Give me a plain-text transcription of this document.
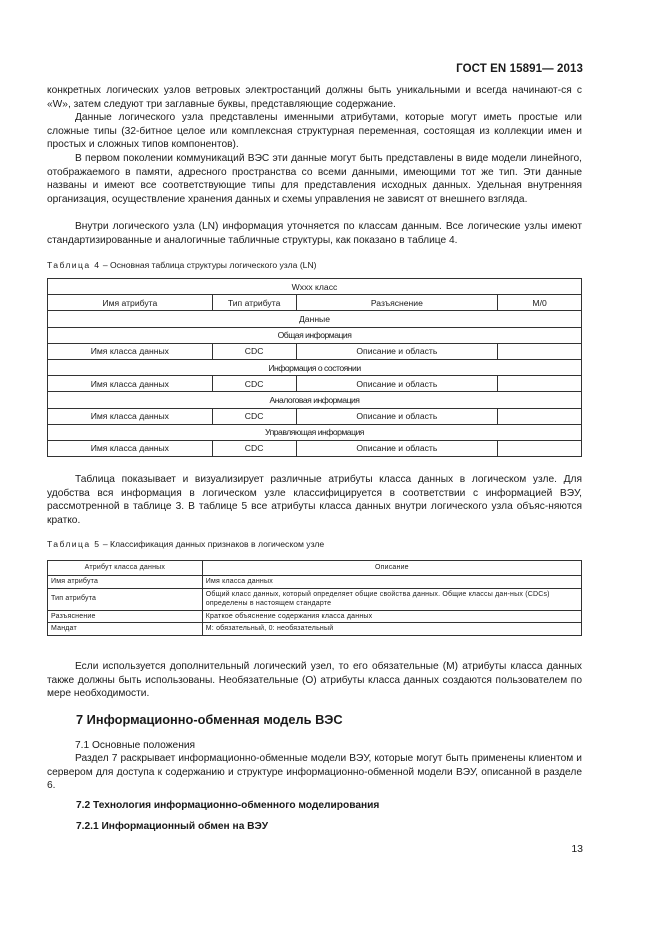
ГОСТ EN 15891— 2013

конкретных логических узлов ветровых электростанций должны быть уникальными и всегда начинают-ся с «W», затем следуют три заглавные буквы, представляющие содержание.

Данные логического узла представлены именными атрибутами, которые могут иметь простые или сложные типы (32-битное целое или комплексная структурная переменная, состоящая из коллекции имен и простых и сложных типов компонентов).

В первом поколении коммуникаций ВЭС эти данные могут быть представлены в виде модели линейного, отображаемого в памяти, адресного пространства со всеми данными, имеющими тот же тип. Эти данные названы и имеют все соответствующие типы для представления исходных данных. Удельная внутренняя организация, осуществление хранения данных и схемы управления не зависят от внешнего взгляда.

Внутри логического узла (LN) информация уточняется по классам данным. Все логические узлы имеют стандартизированные и аналогичные табличные структуры, как показано в таблице 4.

Таблица 4 – Основная таблица структуры логического узла (LN)
Wxxx класс			
Имя атрибута	Тип атрибута	Разъяснение	М/0
Данные			
Общая информация			
Имя класса данных	CDC	Описание и область	
Информация о состоянии			
Имя класса данных	CDC	Описание и область	
Аналоговая информация			
Имя класса данных	CDC	Описание и область	
Управляющая информация			
Имя класса данных	CDC	Описание и область	

Таблица показывает и визуализирует различные атрибуты класса данных в логическом узле. Для удобства вся информация в логическом узле классифицируется в соответствии с информацией ВЭУ, рассмотренной в таблице 3. В таблице 5 все атрибуты класса данных внутри логического узла объяс-няются кратко.

Таблица 5 – Классификация данных признаков в логическом узле
Атрибут класса данных	Описание
Имя атрибута	Имя класса данных
Тип атрибута	Общий класс данных, который определяет общие свойства данных. Общие классы дан-ных (CDCs) определены в настоящем стандарте
Разъяснение	Краткое объяснение содержания класса данных
Мандат	М: обязательный, 0: необязательный

Если используется дополнительный логический узел, то его обязательные (М) атрибуты класса данных также должны быть использованы. Необязательные (О) атрибуты класса данных создаются пользователем по мере необходимости.

7 Информационно-обменная модель ВЭС

7.1 Основные положения

Раздел 7 раскрывает информационно-обменные модели ВЭУ, которые могут быть применены клиентом и сервером для доступа к содержанию и структуре информационно-обменной модели ВЭУ, описанной в разделе 6.

7.2 Технология информационно-обменного моделирования
7.2.1 Информационный обмен на ВЭУ
13
